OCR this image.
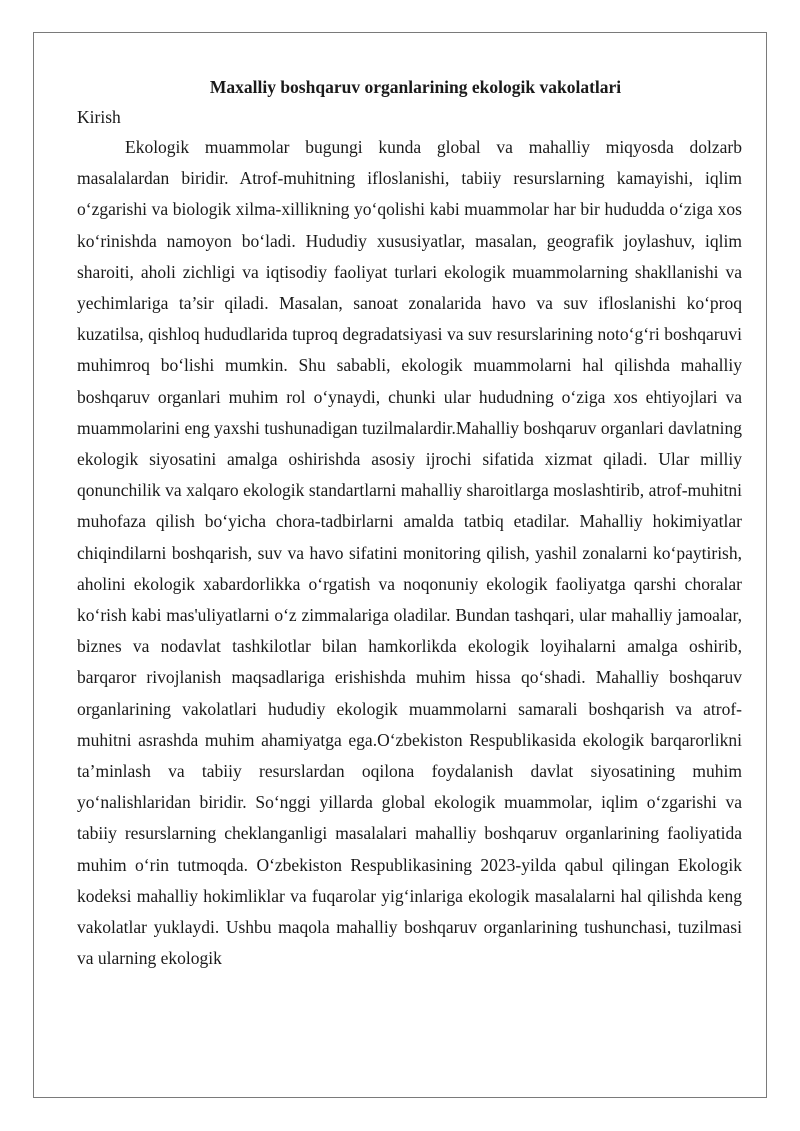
Maxalliy boshqaruv organlarining ekologik vakolatlari

Kirish

Ekologik muammolar bugungi kunda global va mahalliy miqyosda dolzarb masalalardan biridir. Atrof-muhitning ifloslanishi, tabiiy resurslarning kamayishi, iqlim o‘zgarishi va biologik xilma-xillikning yo‘qolishi kabi muammolar har bir hududda o‘ziga xos ko‘rinishda namoyon bo‘ladi. Hududiy xususiyatlar, masalan, geografik joylashuv, iqlim sharoiti, aholi zichligi va iqtisodiy faoliyat turlari ekologik muammolarning shakllanishi va yechimlariga ta’sir qiladi. Masalan, sanoat zonalarida havo va suv ifloslanishi ko‘proq kuzatilsa, qishloq hududlarida tuproq degradatsiyasi va suv resurslarining noto‘g‘ri boshqaruvi muhimroq bo‘lishi mumkin. Shu sababli, ekologik muammolarni hal qilishda mahalliy boshqaruv organlari muhim rol o‘ynaydi, chunki ular hududning o‘ziga xos ehtiyojlari va muammolarini eng yaxshi tushunadigan tuzilmalardir.Mahalliy boshqaruv organlari davlatning ekologik siyosatini amalga oshirishda asosiy ijrochi sifatida xizmat qiladi. Ular milliy qonunchilik va xalqaro ekologik standartlarni mahalliy sharoitlarga moslashtirib, atrof-muhitni muhofaza qilish bo‘yicha chora-tadbirlarni amalda tatbiq etadilar. Mahalliy hokimiyatlar chiqindilarni boshqarish, suv va havo sifatini monitoring qilish, yashil zonalarni ko‘paytirish, aholini ekologik xabardorlikka o‘rgatish va noqonuniy ekologik faoliyatga qarshi choralar ko‘rish kabi mas'uliyatlarni o‘z zimmalariga oladilar. Bundan tashqari, ular mahalliy jamoalar, biznes va nodavlat tashkilotlar bilan hamkorlikda ekologik loyihalarni amalga oshirib, barqaror rivojlanish maqsadlariga erishishda muhim hissa qo‘shadi. Mahalliy boshqaruv organlarining vakolatlari hududiy ekologik muammolarni samarali boshqarish va atrof-muhitni asrashda muhim ahamiyatga ega.O‘zbekiston Respublikasida ekologik barqarorlikni ta’minlash va tabiiy resurslardan oqilona foydalanish davlat siyosatining muhim yo‘nalishlaridan biridir. So‘nggi yillarda global ekologik muammolar, iqlim o‘zgarishi va tabiiy resurslarning cheklanganligi masalalari mahalliy boshqaruv organlarining faoliyatida muhim o‘rin tutmoqda. O‘zbekiston Respublikasining 2023-yilda qabul qilingan Ekologik kodeksi mahalliy hokimliklar va fuqarolar yig‘inlariga ekologik masalalarni hal qilishda keng vakolatlar yuklaydi. Ushbu maqola mahalliy boshqaruv organlarining tushunchasi, tuzilmasi va ularning ekologik
